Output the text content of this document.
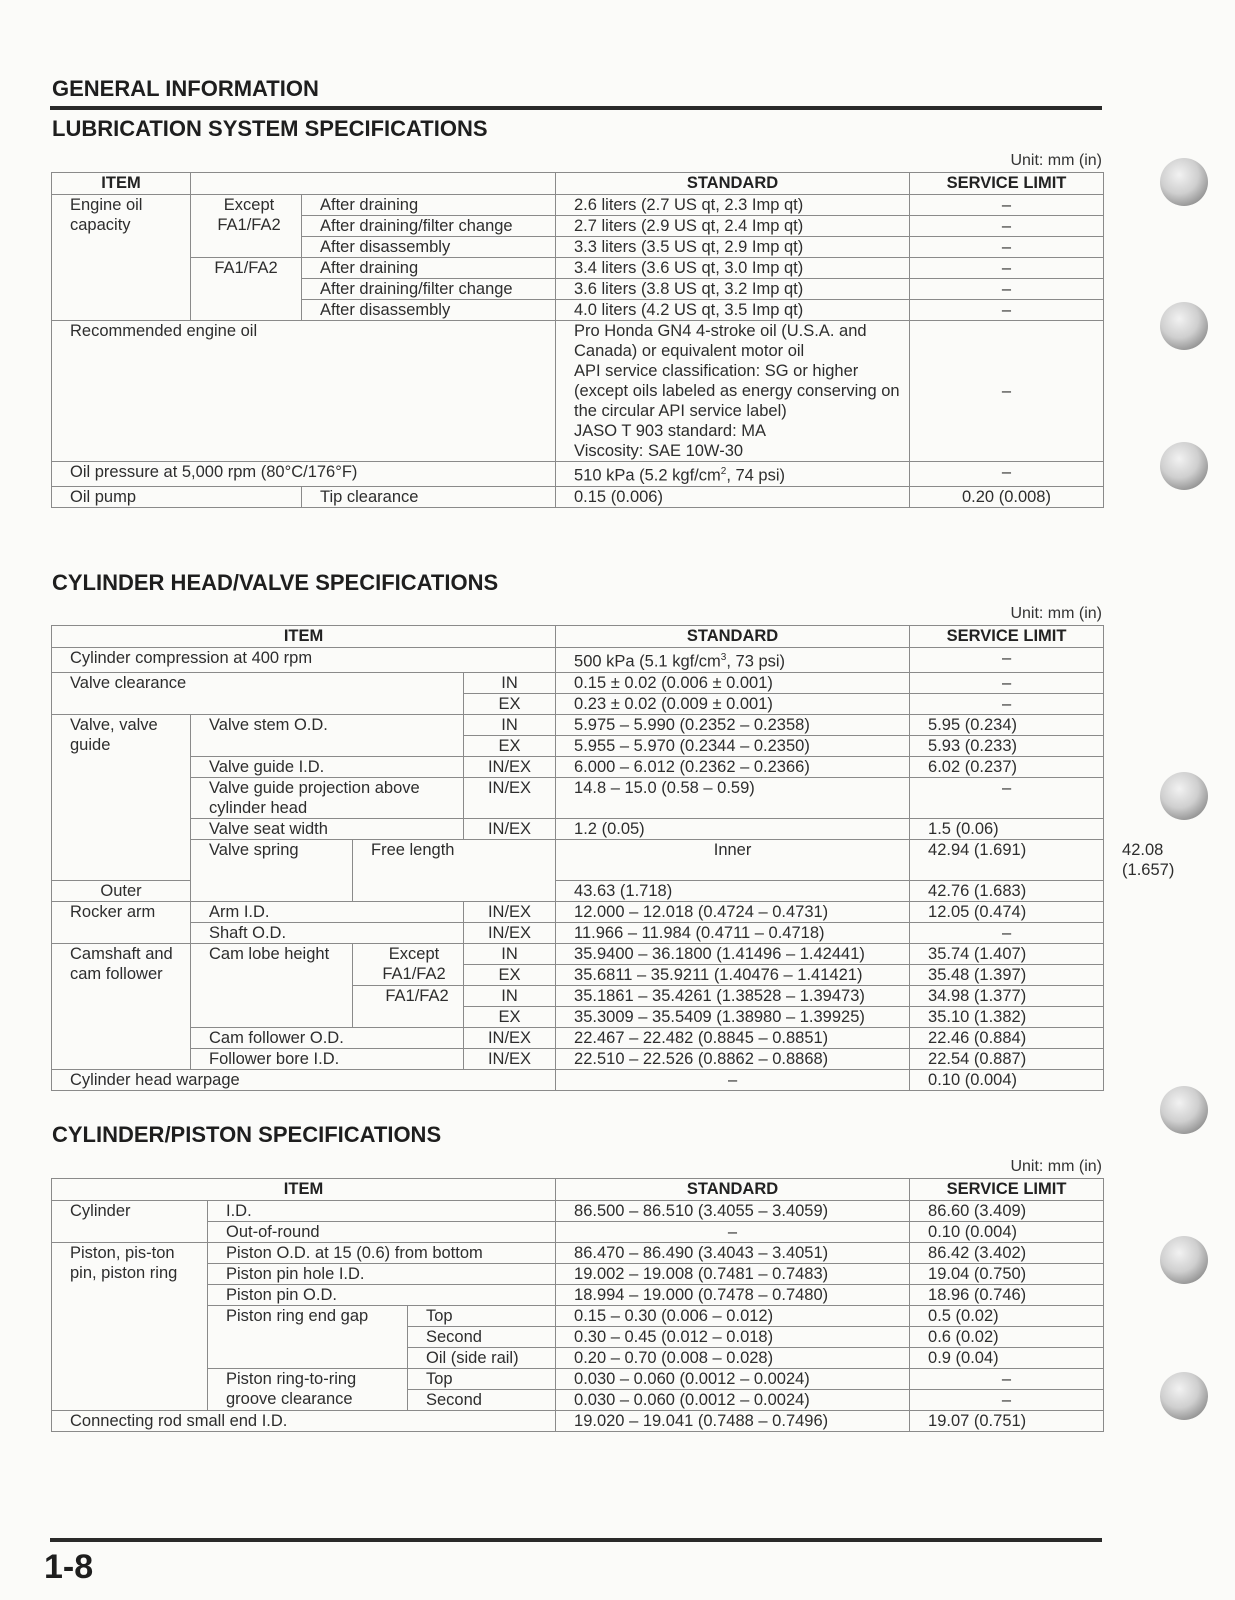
GENERAL INFORMATION
LUBRICATION SYSTEM SPECIFICATIONS
Unit: mm (in)
ITEM			STANDARD	SERVICE LIMIT
Engine oil capacity	Except FA1/FA2	After draining	2.6 liters (2.7 US qt, 2.3 Imp qt)	–
		After draining/filter change	2.7 liters (2.9 US qt, 2.4 Imp qt)	–
		After disassembly	3.3 liters (3.5 US qt, 2.9 Imp qt)	–
	FA1/FA2	After draining	3.4 liters (3.6 US qt, 3.0 Imp qt)	–
		After draining/filter change	3.6 liters (3.8 US qt, 3.2 Imp qt)	–
		After disassembly	4.0 liters (4.2 US qt, 3.5 Imp qt)	–
Recommended engine oil			Pro Honda GN4 4-stroke oil (U.S.A. and Canada) or equivalent motor oil
API service classification: SG or higher (except oils labeled as energy conserving on the circular API service label)
JASO T 903 standard: MA
Viscosity: SAE 10W-30	–
Oil pressure at 5,000 rpm (80°C/176°F)			510 kPa (5.2 kgf/$cm^2$, 74 psi)	–
Oil pump		Tip clearance	0.15 (0.006)	0.20 (0.008)
CYLINDER HEAD/VALVE SPECIFICATIONS
Unit: mm (in)
ITEM				STANDARD	SERVICE LIMIT	
Cylinder compression at 400 rpm				500 kPa (5.1 kgf/$cm^3$, 73 psi)	–	
Valve clearance			IN	0.15 ± 0.02 (0.006 ± 0.001)	–	
			EX	0.23 ± 0.02 (0.009 ± 0.001)	–	
Valve, valve guide	Valve stem O.D.		IN	5.975 – 5.990 (0.2352 – 0.2358)	5.95 (0.234)	
			EX	5.955 – 5.970 (0.2344 – 0.2350)	5.93 (0.233)	
	Valve guide I.D.		IN/EX	6.000 – 6.012 (0.2362 – 0.2366)	6.02 (0.237)	
	Valve guide projection above cylinder head		IN/EX	14.8 – 15.0 (0.58 – 0.59)	–	
	Valve seat width		IN/EX	1.2 (0.05)	1.5 (0.06)	
	Valve spring	Free length		Inner	42.94 (1.691)	42.08 (1.657)
Outer				43.63 (1.718)	42.76 (1.683)	
Rocker arm	Arm I.D.		IN/EX	12.000 – 12.018 (0.4724 – 0.4731)	12.05 (0.474)	
	Shaft O.D.		IN/EX	11.966 – 11.984 (0.4711 – 0.4718)	–	
Camshaft and cam follower	Cam lobe height	Except FA1/FA2	IN	35.9400 – 36.1800 (1.41496 – 1.42441)	35.74 (1.407)	
			EX	35.6811 – 35.9211 (1.40476 – 1.41421)	35.48 (1.397)	
		FA1/FA2	IN	35.1861 – 35.4261 (1.38528 – 1.39473)	34.98 (1.377)	
			EX	35.3009 – 35.5409 (1.38980 – 1.39925)	35.10 (1.382)	
	Cam follower O.D.		IN/EX	22.467 – 22.482 (0.8845 – 0.8851)	22.46 (0.884)	
	Follower bore I.D.		IN/EX	22.510 – 22.526 (0.8862 – 0.8868)	22.54 (0.887)	
Cylinder head warpage				–	0.10 (0.004)	
CYLINDER/PISTON SPECIFICATIONS
Unit: mm (in)
ITEM			STANDARD	SERVICE LIMIT
Cylinder	I.D.		86.500 – 86.510 (3.4055 – 3.4059)	86.60 (3.409)
	Out-of-round		–	0.10 (0.004)
Piston, pis-ton pin, piston ring	Piston O.D. at 15 (0.6) from bottom		86.470 – 86.490 (3.4043 – 3.4051)	86.42 (3.402)
	Piston pin hole I.D.		19.002 – 19.008 (0.7481 – 0.7483)	19.04 (0.750)
	Piston pin O.D.		18.994 – 19.000 (0.7478 – 0.7480)	18.96 (0.746)
	Piston ring end gap	Top	0.15 – 0.30 (0.006 – 0.012)	0.5 (0.02)
		Second	0.30 – 0.45 (0.012 – 0.018)	0.6 (0.02)
		Oil (side rail)	0.20 – 0.70 (0.008 – 0.028)	0.9 (0.04)
	Piston ring-to-ring groove clearance	Top	0.030 – 0.060 (0.0012 – 0.0024)	–
		Second	0.030 – 0.060 (0.0012 – 0.0024)	–
Connecting rod small end I.D.			19.020 – 19.041 (0.7488 – 0.7496)	19.07 (0.751)
1-8
